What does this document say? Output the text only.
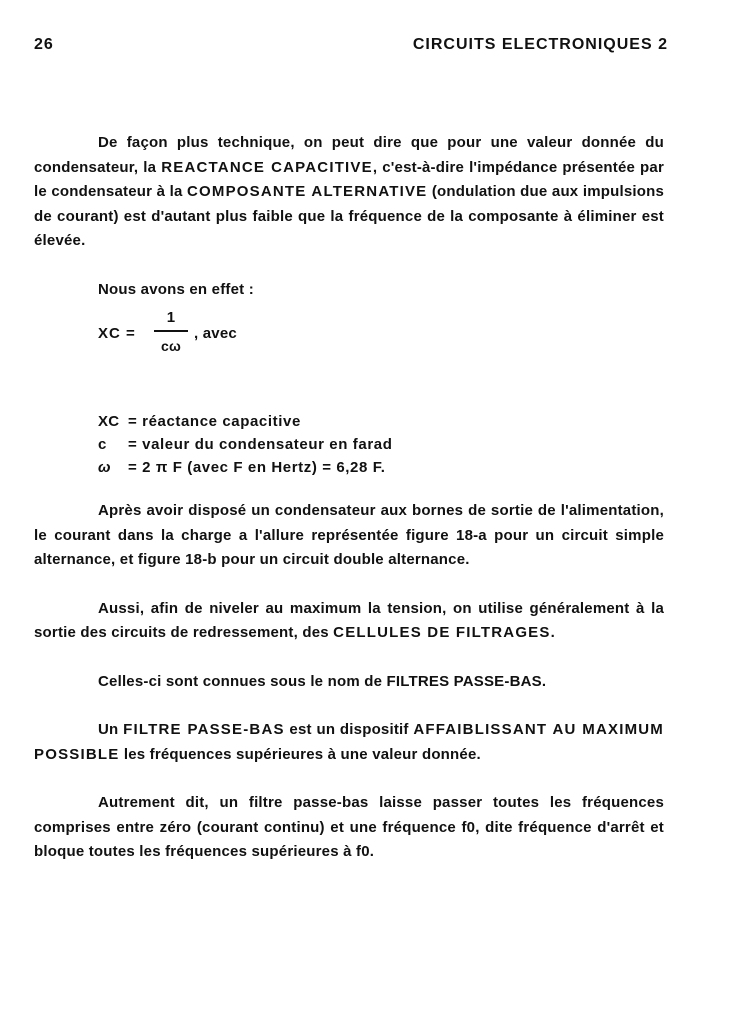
26	CIRCUITS ELECTRONIQUES 2

De façon plus technique, on peut dire que pour une valeur donnée du condensateur, la REACTANCE CAPACITIVE, c'est-à-dire l'impédance présentée par le condensateur à la COMPOSANTE ALTERNATIVE (ondulation due aux impulsions de courant) est d'autant plus faible que la fréquence de la composante à éliminer est élevée.

Nous avons en effet :

XC =
1
cω
, avec
XC = réactance capacitive
c	= valeur du condensateur en farad
ω	= 2 π F (avec F en Hertz) = 6,28 F.

Après avoir disposé un condensateur aux bornes de sortie de l'alimentation, le courant dans la charge a l'allure représentée figure 18-a pour un circuit simple alternance, et figure 18-b pour un circuit double alternance.

Aussi, afin de niveler au maximum la tension, on utilise généralement à la sortie des circuits de redressement, des CELLULES DE FILTRAGES.

Celles-ci sont connues sous le nom de FILTRES PASSE-BAS.

Un FILTRE PASSE-BAS est un dispositif AFFAIBLISSANT AU MAXIMUM POSSIBLE les fréquences supérieures à une valeur donnée.

Autrement dit, un filtre passe-bas laisse passer toutes les fréquences comprises entre zéro (courant continu) et une fréquence f0, dite fréquence d'arrêt et bloque toutes les fréquences supérieures à f0.
